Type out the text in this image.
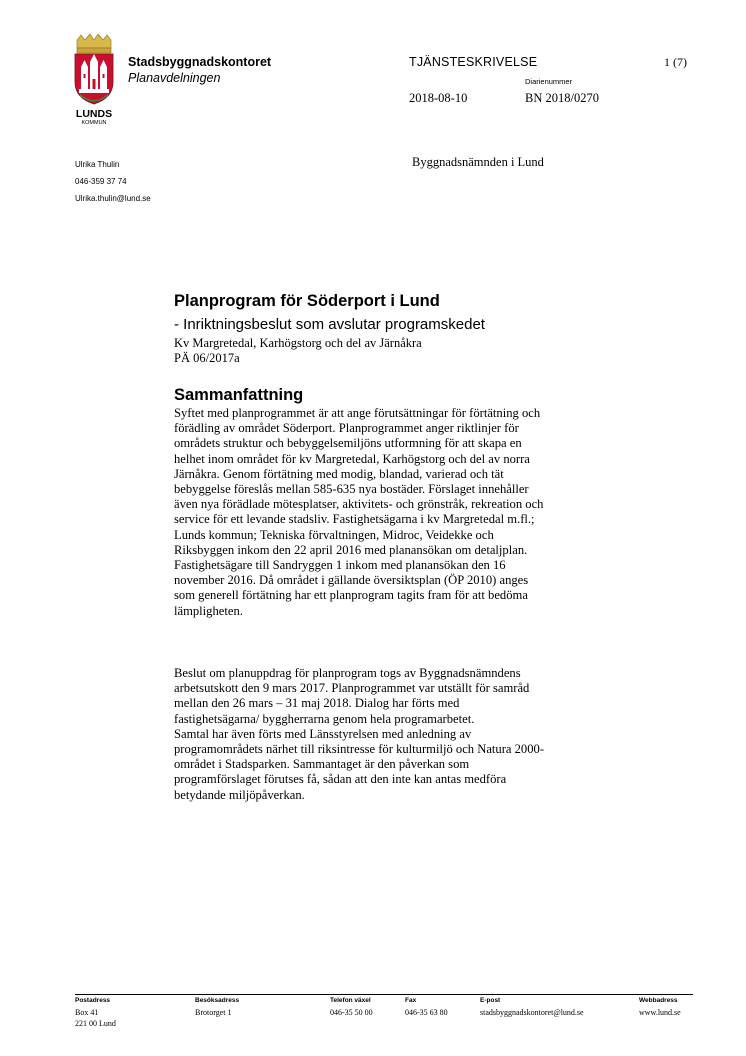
LUNDS
KOMMUN
Stadsbyggnadskontoret
Planavdelningen
TJÄNSTESKRIVELSE	1 (7)
Diarienummer
2018-08-10	BN 2018/0270
Ulrika Thulin
046-359 37 74
Ulrika.thulin@lund.se
Byggnadsnämnden i Lund
Planprogram för Söderport i Lund
- Inriktningsbeslut som avslutar programskedet
Kv Margretedal, Karhögstorg och del av Järnåkra
PÄ 06/2017a
Sammanfattning
Syftet med planprogrammet är att ange förutsättningar för förtätning och
förädling av området Söderport. Planprogrammet anger riktlinjer för
områdets struktur och bebyggelsemiljöns utformning för att skapa en
helhet inom området för kv Margretedal, Karhögstorg och del av norra
Järnåkra. Genom förtätning med modig, blandad, varierad och tät
bebyggelse föreslås mellan 585-635 nya bostäder. Förslaget innehåller
även nya förädlade mötesplatser, aktivitets- och grönstråk, rekreation och
service för ett levande stadsliv. Fastighetsägarna i kv Margretedal m.fl.;
Lunds kommun; Tekniska förvaltningen, Midroc, Veidekke och
Riksbyggen inkom den 22 april 2016 med planansökan om detaljplan.
Fastighetsägare till Sandryggen 1 inkom med planansökan den 16
november 2016. Då området i gällande översiktsplan (ÖP 2010) anges
som generell förtätning har ett planprogram tagits fram för att bedöma
lämpligheten.
Beslut om planuppdrag för planprogram togs av Byggnadsnämndens
arbetsutskott den 9 mars 2017. Planprogrammet var utställt för samråd
mellan den 26 mars – 31 maj 2018. Dialog har förts med
fastighetsägarna/ byggherrarna genom hela programarbetet.
Samtal har även förts med Länsstyrelsen med anledning av
programområdets närhet till riksintresse för kulturmiljö och Natura 2000-
området i Stadsparken. Sammantaget är den påverkan som
programförslaget förutses få, sådan att den inte kan antas medföra
betydande miljöpåverkan.
Postadress
Box 41
221 00 Lund
Besöksadress
Brotorget 1
Telefon växel
046-35 50 00
Fax
046-35 63 80
E-post
stadsbyggnadskontoret@lund.se
Webbadress
www.lund.se
